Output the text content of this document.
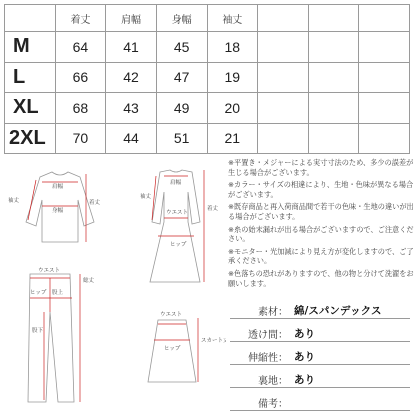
	着丈	肩幅	身幅	袖丈			
M	64	41	45	18			
L	66	42	47	19			
XL	68	43	49	20			
2XL	70	44	51	21			
肩幅
身幅
袖丈	着丈
肩幅
袖丈
着丈
ウエスト
ヒップ
ウエスト
ヒップ 股上
股下
総丈
ウエスト
ヒップ
スカート丈

※平置き・メジャーによる実寸寸法のため、多少の誤差が生じる場合がございます。

※カラー・サイズの相違により、生地・色味が異なる場合がございます。

※既存商品と再入荷商品間で若干の色味・生地の違いが出る場合がございます。

※糸の始末漏れが出る場合がございますので、ご注意ください。

※モニター・光加減により見え方が変化しますので、ご了承ください。

※色落ちの恐れがありますので、他の物と分けて洗濯をお願いします。

素材： 綿/スパンデックス
透け間： あり
伸縮性： あり
裏地： あり
備考：
